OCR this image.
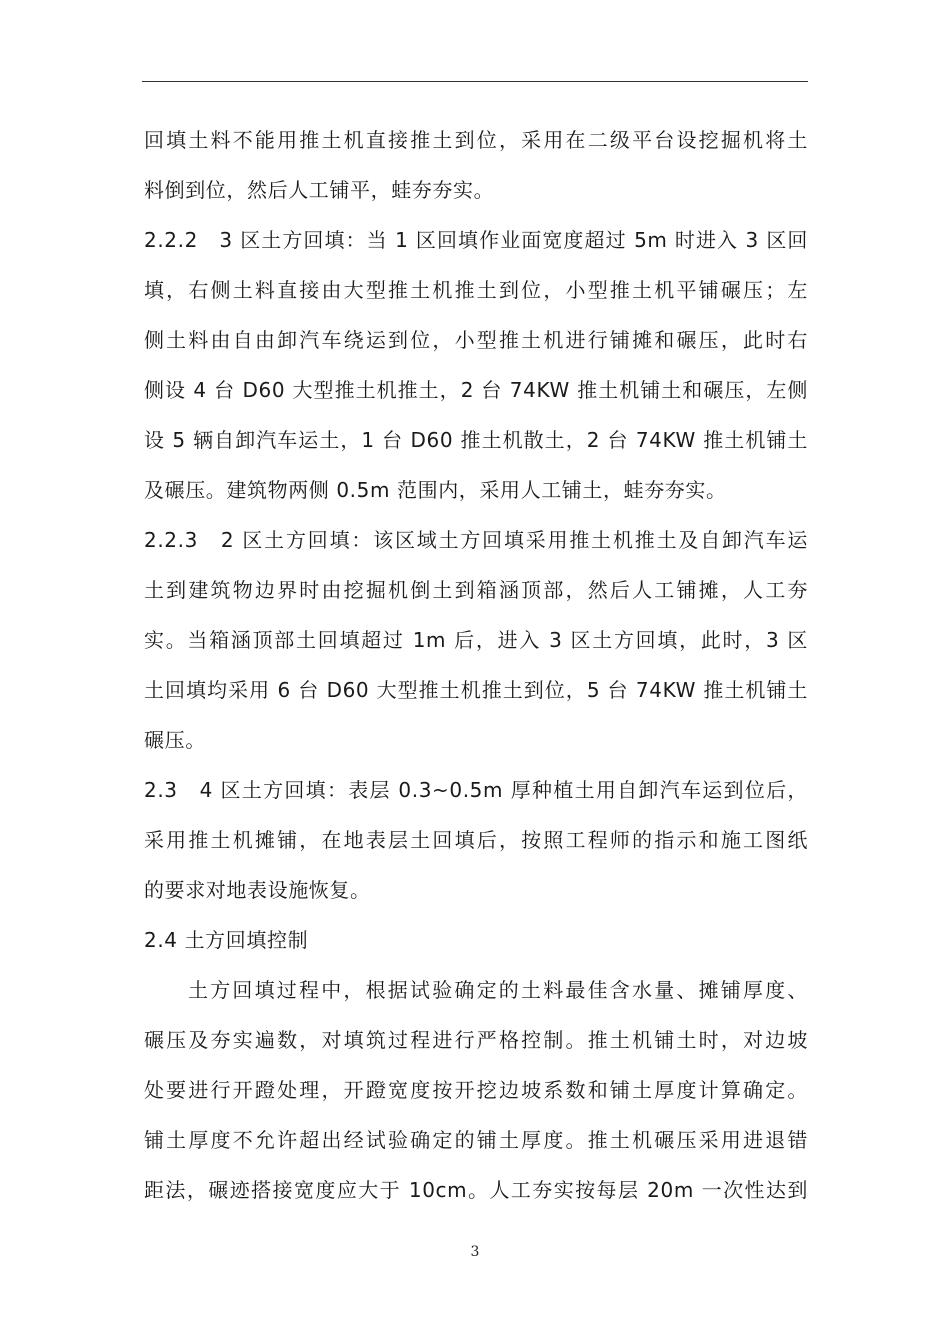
回填土料不能用推土机直接推土到位，采用在二级平台设挖掘机将土
料倒到位，然后人工铺平，蛙夯夯实。
2.2.2　3 区土方回填：当 1 区回填作业面宽度超过 5m 时进入 3 区回
填，右侧土料直接由大型推土机推土到位，小型推土机平铺碾压；左
侧土料由自由卸汽车绕运到位，小型推土机进行铺摊和碾压，此时右
侧设 4 台 D60 大型推土机推土，2 台 74KW 推土机铺土和碾压，左侧
设 5 辆自卸汽车运土，1 台 D60 推土机散土，2 台 74KW 推土机铺土
及碾压。建筑物两侧 0.5m 范围内，采用人工铺土，蛙夯夯实。
2.2.3　2 区土方回填：该区域土方回填采用推土机推土及自卸汽车运
土到建筑物边界时由挖掘机倒土到箱涵顶部，然后人工铺摊，人工夯
实。当箱涵顶部土回填超过 1m 后，进入 3 区土方回填，此时，3 区
土回填均采用 6 台 D60 大型推土机推土到位，5 台 74KW 推土机铺土
碾压。
2.3　4 区土方回填：表层 0.3~0.5m 厚种植土用自卸汽车运到位后，
采用推土机摊铺，在地表层土回填后，按照工程师的指示和施工图纸
的要求对地表设施恢复。
2.4 土方回填控制
土方回填过程中，根据试验确定的土料最佳含水量、摊铺厚度、
碾压及夯实遍数，对填筑过程进行严格控制。推土机铺土时，对边坡
处要进行开蹬处理，开蹬宽度按开挖边坡系数和铺土厚度计算确定。
铺土厚度不允许超出经试验确定的铺土厚度。推土机碾压采用进退错
距法，碾迹搭接宽度应大于 10cm。人工夯实按每层 20m 一次性达到
3
